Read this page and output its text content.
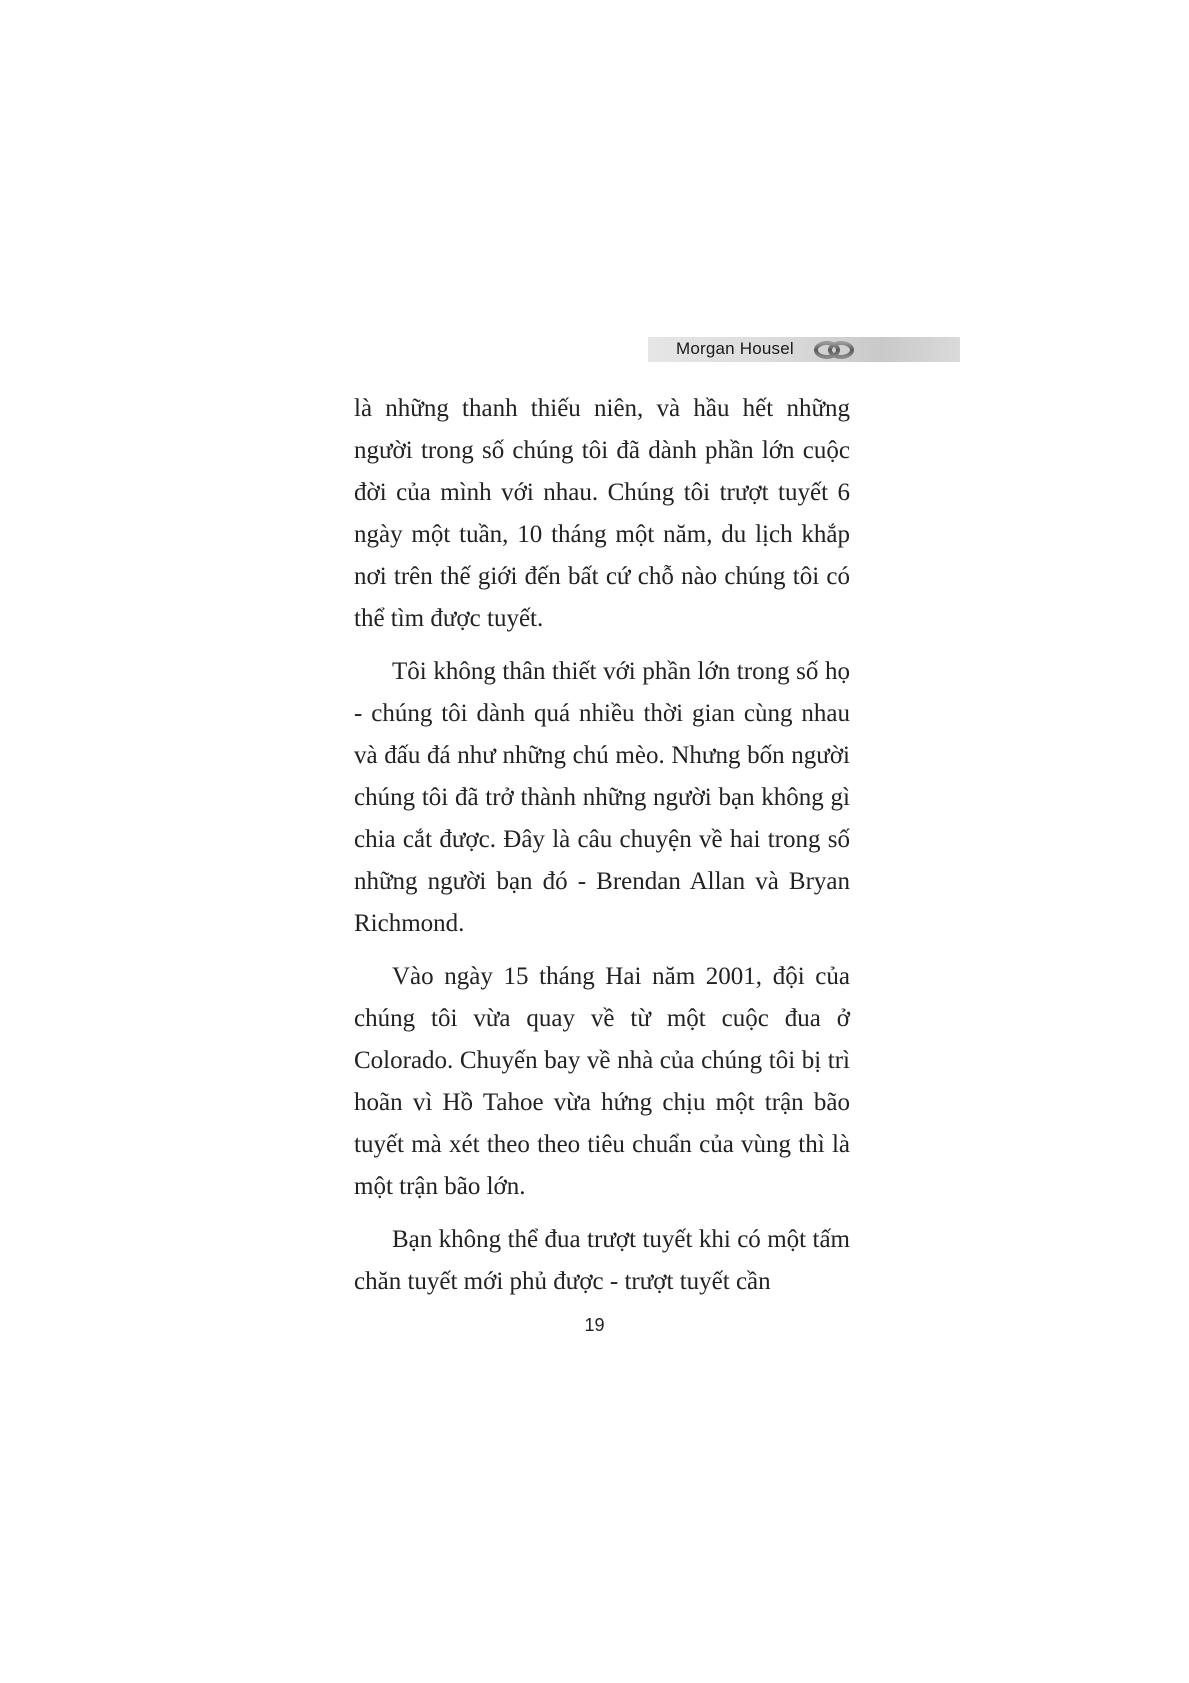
Morgan Housel

là những thanh thiếu niên, và hầu hết những người trong số chúng tôi đã dành phần lớn cuộc đời của mình với nhau. Chúng tôi trượt tuyết 6 ngày một tuần, 10 tháng một năm, du lịch khắp nơi trên thế giới đến bất cứ chỗ nào chúng tôi có thể tìm được tuyết.

Tôi không thân thiết với phần lớn trong số họ - chúng tôi dành quá nhiều thời gian cùng nhau và đấu đá như những chú mèo. Nhưng bốn người chúng tôi đã trở thành những người bạn không gì chia cắt được. Đây là câu chuyện về hai trong số những người bạn đó - Brendan Allan và Bryan Richmond.

Vào ngày 15 tháng Hai năm 2001, đội của chúng tôi vừa quay về từ một cuộc đua ở Colorado. Chuyến bay về nhà của chúng tôi bị trì hoãn vì Hồ Tahoe vừa hứng chịu một trận bão tuyết mà xét theo theo tiêu chuẩn của vùng thì là một trận bão lớn.

Bạn không thể đua trượt tuyết khi có một tấm chăn tuyết mới phủ được - trượt tuyết cần

19
